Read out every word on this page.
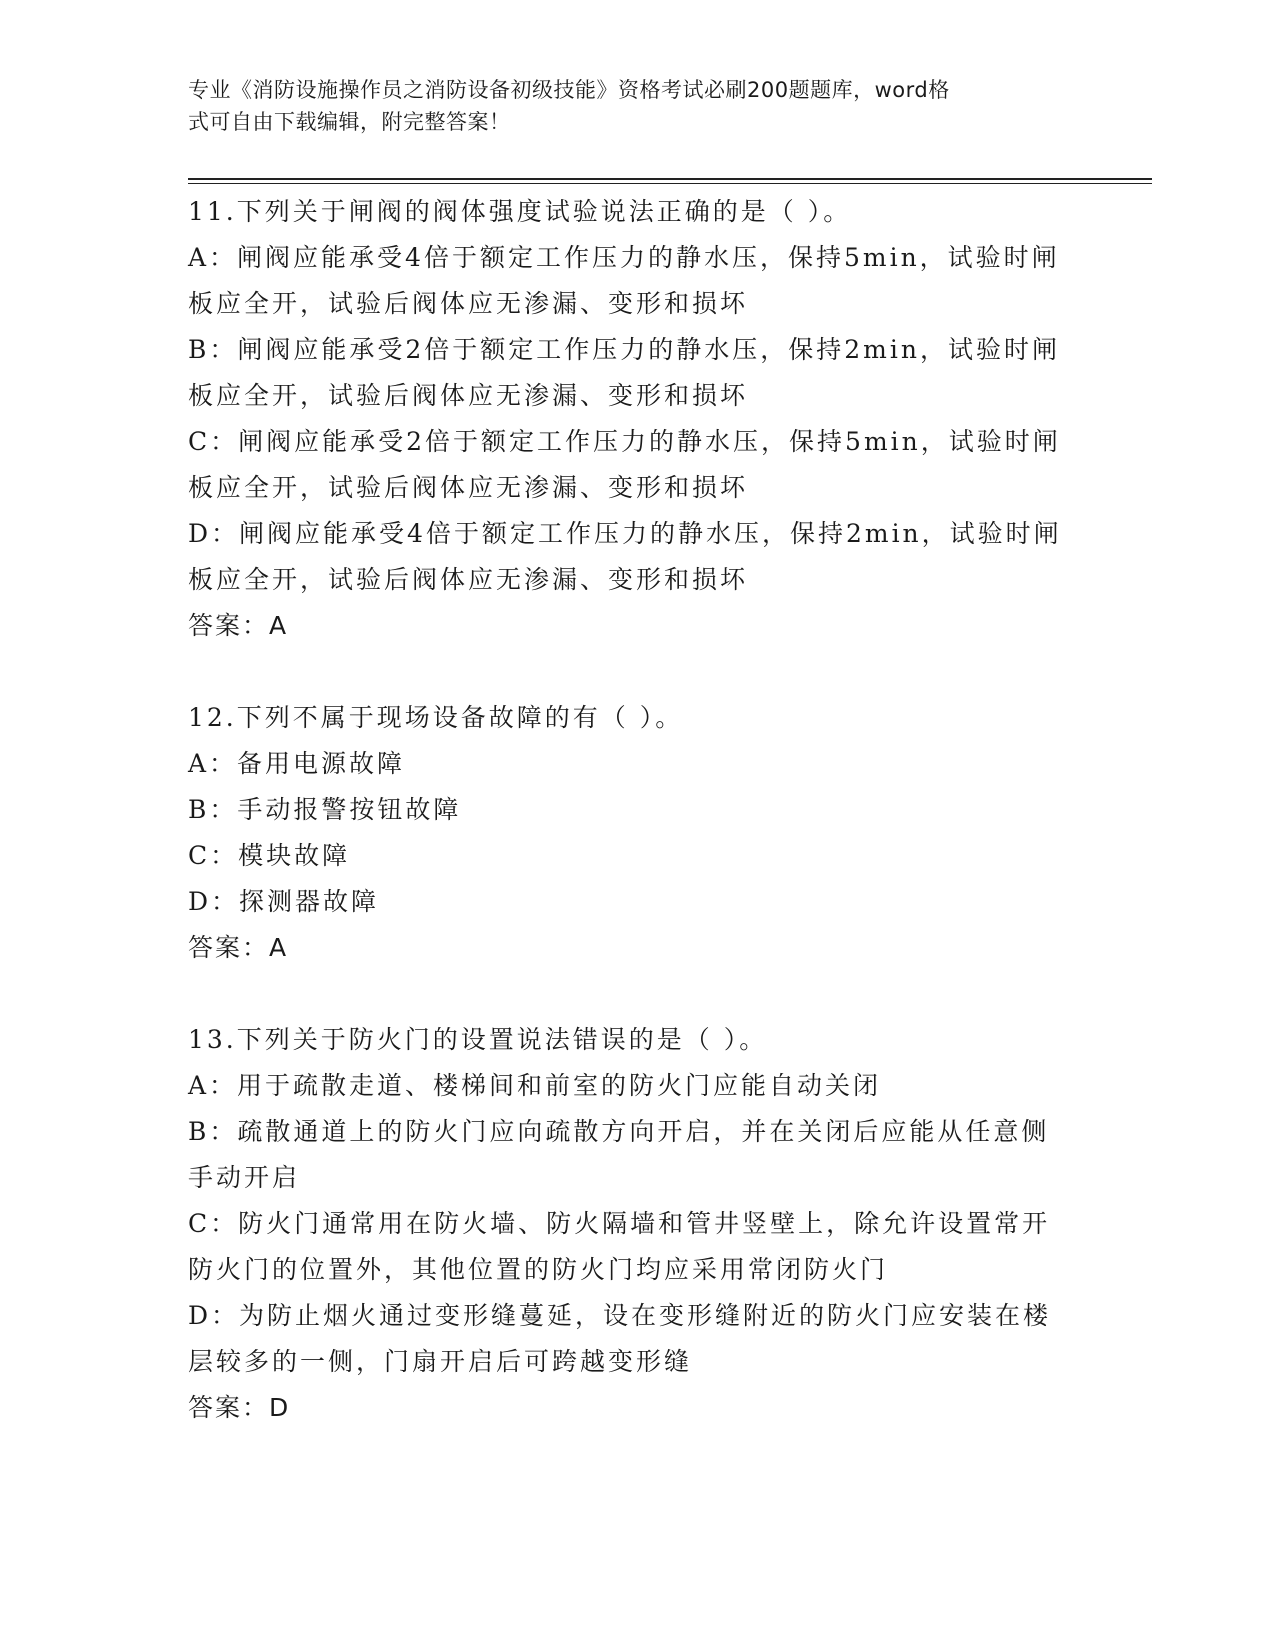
专业《消防设施操作员之消防设备初级技能》资格考试必刷200题题库，word格
式可自由下载编辑，附完整答案！
11.下列关于闸阀的阀体强度试验说法正确的是（ ）。
A：闸阀应能承受4倍于额定工作压力的静水压，保持5min，试验时闸
板应全开，试验后阀体应无渗漏、变形和损坏
B：闸阀应能承受2倍于额定工作压力的静水压，保持2min，试验时闸
板应全开，试验后阀体应无渗漏、变形和损坏
C：闸阀应能承受2倍于额定工作压力的静水压，保持5min，试验时闸
板应全开，试验后阀体应无渗漏、变形和损坏
D：闸阀应能承受4倍于额定工作压力的静水压，保持2min，试验时闸
板应全开，试验后阀体应无渗漏、变形和损坏
答案：A
12.下列不属于现场设备故障的有（ ）。
A：备用电源故障
B：手动报警按钮故障
C：模块故障
D：探测器故障
答案：A
13.下列关于防火门的设置说法错误的是（ ）。
A：用于疏散走道、楼梯间和前室的防火门应能自动关闭
B：疏散通道上的防火门应向疏散方向开启，并在关闭后应能从任意侧
手动开启
C：防火门通常用在防火墙、防火隔墙和管井竖壁上，除允许设置常开
防火门的位置外，其他位置的防火门均应采用常闭防火门
D：为防止烟火通过变形缝蔓延，设在变形缝附近的防火门应安装在楼
层较多的一侧，门扇开启后可跨越变形缝
答案：D
